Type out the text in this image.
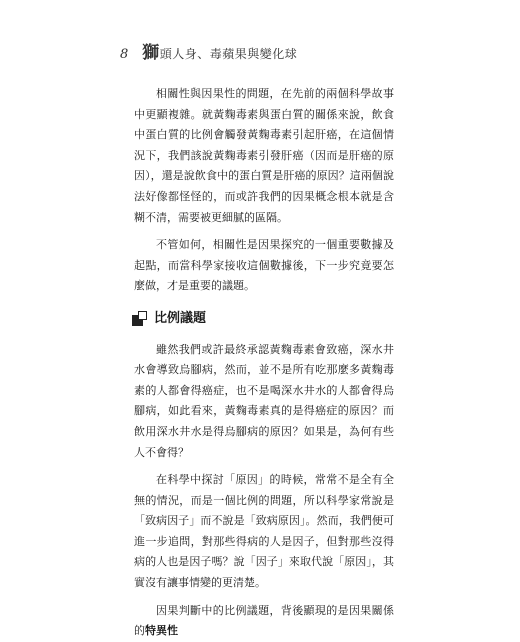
8 獅頭人身、毒蘋果與變化球

相關性與因果性的問題，在先前的兩個科學故事中更顯複雜。就黃麴毒素與蛋白質的關係來說，飲食中蛋白質的比例會觸發黃麴毒素引起肝癌，在這個情況下，我們該說黃麴毒素引發肝癌（因而是肝癌的原因），還是說飲食中的蛋白質是肝癌的原因？這兩個說法好像都怪怪的，而或許我們的因果概念根本就是含糊不清，需要被更細膩的區隔。

不管如何，相關性是因果探究的一個重要數據及起點，而當科學家接收這個數據後，下一步究竟要怎麼做，才是重要的議題。

比例議題

雖然我們或許最終承認黃麴毒素會致癌，深水井水會導致烏腳病，然而，並不是所有吃那麼多黃麴毒素的人都會得癌症，也不是喝深水井水的人都會得烏腳病，如此看來，黃麴毒素真的是得癌症的原因？而飲用深水井水是得烏腳病的原因？如果是，為何有些人不會得？

在科學中探討「原因」的時候，常常不是全有全無的情況，而是一個比例的問題，所以科學家常說是「致病因子」而不說是「致病原因」。然而，我們便可進一步追問，對那些得病的人是因子，但對那些沒得病的人也是因子嗎？說「因子」來取代說「原因」，其實沒有讓事情變的更清楚。

因果判斷中的比例議題，背後顯現的是因果關係的特異性
